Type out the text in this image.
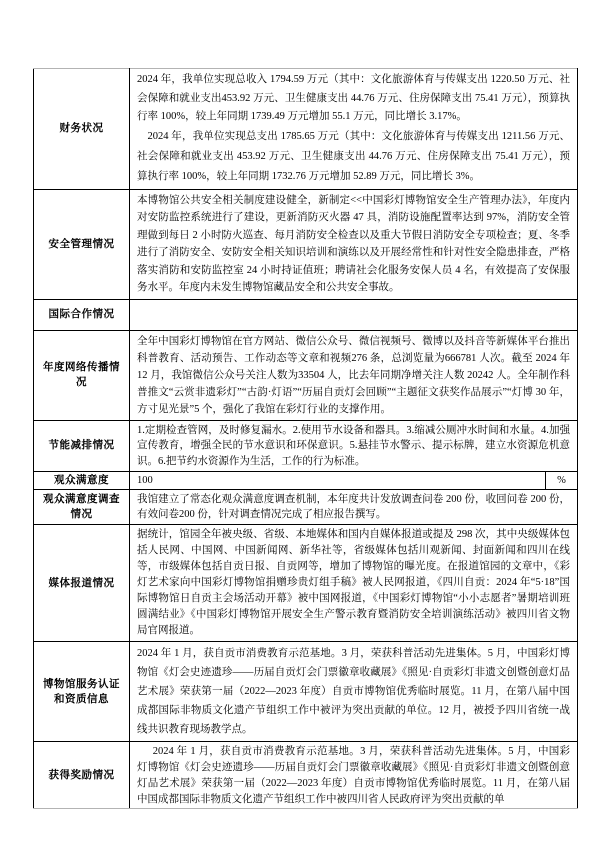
财务状况	2024 年，我单位实现总收入 1794.59 万元（其中：文化旅游体育与传媒支出 1220.50 万元、社会保障和就业支出453.92 万元、卫生健康支出 44.76 万元、住房保障支出 75.41 万元），预算执行率 100%，较上年同期 1739.49 万元增加 55.1 万元，同比增长 3.17%。

2024 年，我单位实现总支出 1785.65 万元（其中：文化旅游体育与传媒支出 1211.56 万元、社会保障和就业支出 453.92 万元、卫生健康支出 44.76 万元、住房保障支出 75.41 万元），预算执行率 100%，较上年同期 1732.76 万元增加 52.89 万元，同比增长 3%。	

安全管理情况	本博物馆公共安全相关制度建设健全，新制定<<中国彩灯博物馆安全生产管理办法》，年度内对安防监控系统进行了建设，更新消防灭火器 47 具，消防设施配置率达到 97%，消防安全管理做到每日 2 小时防火巡查、每月消防安全检查以及重大节假日消防安全专项检查；夏、冬季进行了消防安全、安防安全相关知识培训和演练以及开展经常性和针对性安全隐患排查，严格落实消防和安防监控室 24 小时持证值班；聘请社会化服务安保人员 4 名，有效提高了安保服务水平。年度内未发生博物馆藏品安全和公共安全事故。	
国际合作情况		
年度网络传播情况	全年中国彩灯博物馆在官方网站、微信公众号、微信视频号、微博以及抖音等新媒体平台推出科普教育、活动预告、工作动态等文章和视频276 条，总浏览量为666781 人次。截至 2024 年 12 月，我馆微信公众号关注人数为33504 人，比去年同期净增关注人数 20242 人。全年制作科普推文“云赏非遗彩灯”“古韵·灯语”“历届自贡灯会回顾”“主题征文获奖作品展示”“灯博 30 年，方寸见光景”5 个，强化了我馆在彩灯行业的支撑作用。	
节能减排情况	1.定期检查管网，及时修复漏水。2.使用节水设备和器具。3.缩减公厕冲水时间和水量。4.加强宣传教育，增强全民的节水意识和环保意识。5.悬挂节水警示、提示标牌，建立水资源危机意识。6.把节约水资源作为生活，工作的行为标准。	
观众满意度	100	%
观众满意度调查情况	我馆建立了常态化观众满意度调查机制，本年度共计发放调查问卷 200 份，收回问卷 200 份，有效问卷200 份，针对调查情况完成了相应报告撰写。	
媒体报道情况	据统计，馆园全年被央级、省级、本地媒体和国内自媒体报道或提及 298 次，其中央级媒体包括人民网、中国网、中国新闻网、新华社等，省级媒体包括川观新闻、封面新闻和四川在线等，市级媒体包括自贡日报、自贡网等，增加了博物馆的曝光度。在报道馆园的文章中，《彩灯艺术家向中国彩灯博物馆捐赠珍贵灯组手稿》被人民网报道，《四川自贡：2024 年“5·18”国际博物馆日自贡主会场活动开幕》被中国网报道，《中国彩灯博物馆“小小志愿者”暑期培训班圆满结业》《中国彩灯博物馆开展安全生产警示教育暨消防安全培训演练活动》被四川省文物局官网报道。	
博物馆服务认证和资质信息	2024 年 1 月，获自贡市消费教育示范基地。3 月，荣获科普活动先进集体。5 月，中国彩灯博物馆《灯会史迹遗珍——历届自贡灯会门票徽章收藏展》《照见·自贡彩灯非遗文创暨创意灯品艺术展》荣获第一届（2022—2023 年度）自贡市博物馆优秀临时展览。11 月，在第八届中国成都国际非物质文化遗产节组织工作中被评为突出贡献的单位。12 月，被授予四川省统一战线共识教育现场教学点。	
获得奖励情况	2024 年 1 月，获自贡市消费教育示范基地。3 月，荣获科普活动先进集体。5 月，中国彩灯博物馆《灯会史迹遗珍——历届自贡灯会门票徽章收藏展》《照见·自贡彩灯非遗文创暨创意灯品艺术展》荣获第一届（2022—2023 年度）自贡市博物馆优秀临时展览。11 月，在第八届中国成都国际非物质文化遗产节组织工作中被四川省人民政府评为突出贡献的单	
